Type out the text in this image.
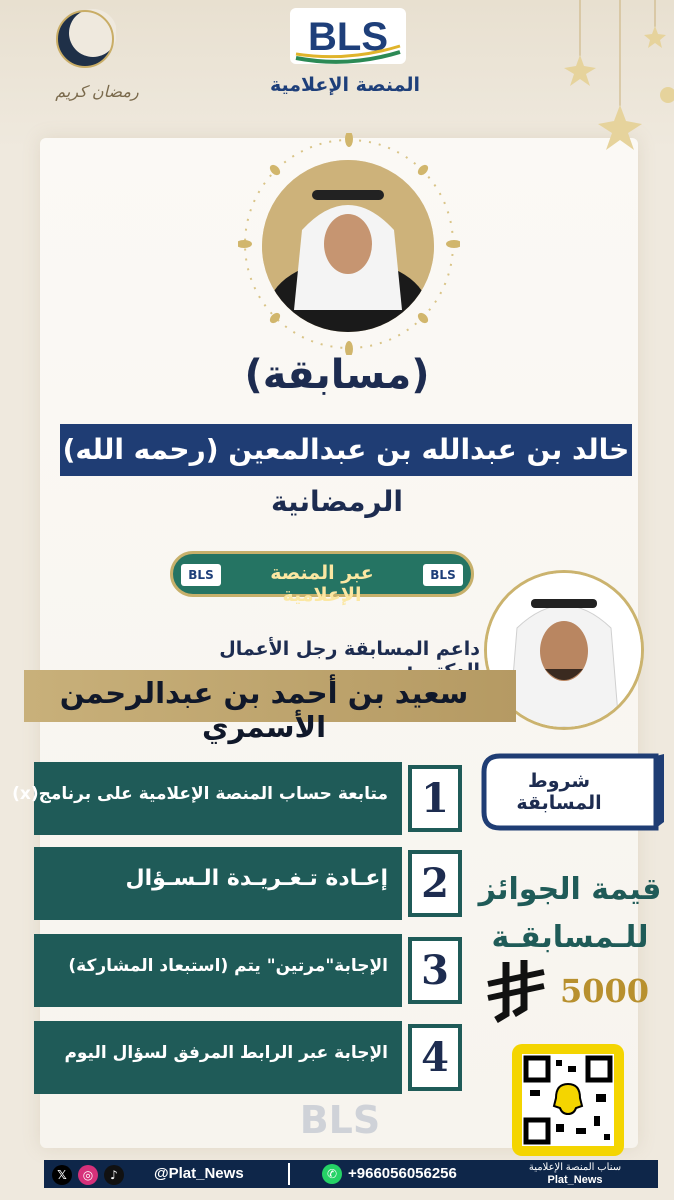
رمضان كريم
BLS
المنصة الإعلامية
(مسابقة)
خالد بن عبدالله بن عبدالمعين (رحمه الله)
الرمضانية
BLS
عبر المنصة الإعلامية
BLS
داعم المسابقة رجل الأعمال
سعيد بن أحمد بن عبدالرحمن الأسمري
شروط المسابقة
متابعة حساب المنصة الإعلامية على برنامج(x) 1
إعـادة تـغـريـدة الـسـؤال 2
الإجابة"مرتين" يتم (استبعاد المشاركة) 3
الإجابة عبر الرابط المرفق لسؤال اليوم 4
قيمة الجوائز
للـمسابقـة
5000
BLS
𝕏 ◎ ♪	@Plat_News	✆ +966056056256	سناب المنصة الإعلامية
Plat_News
